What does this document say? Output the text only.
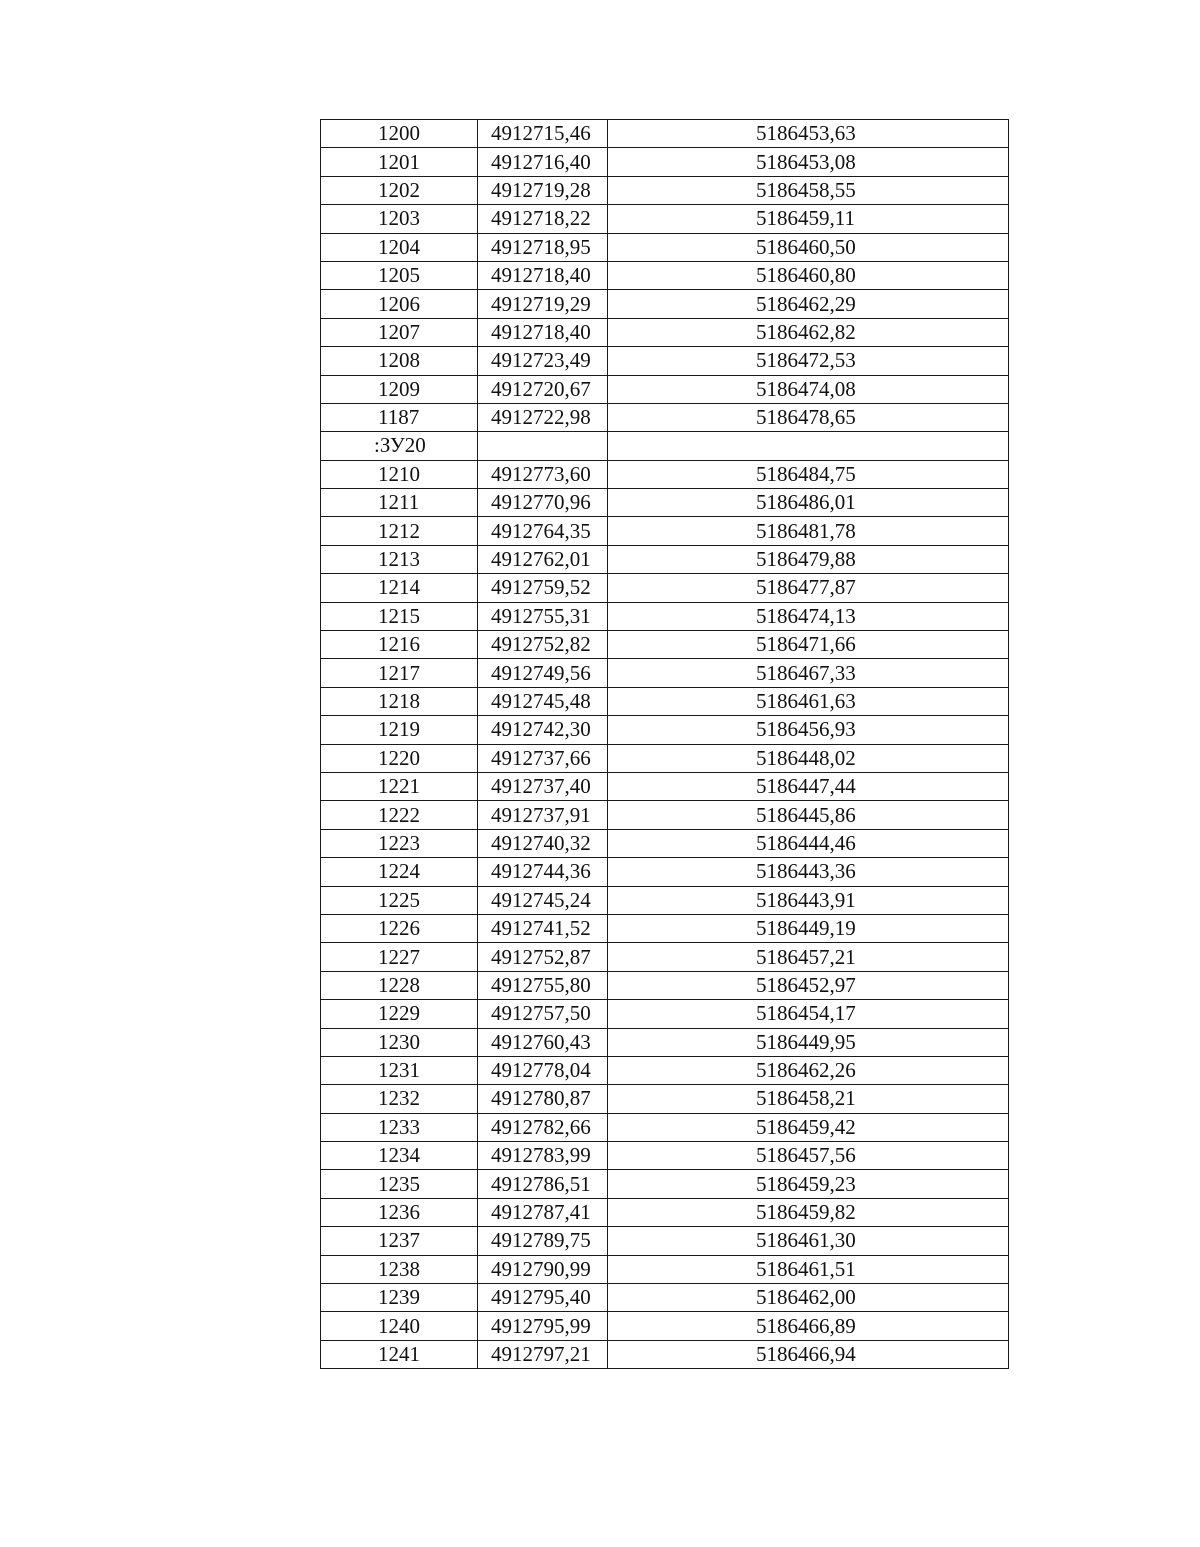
1200	4912715,46	5186453,63
1201	4912716,40	5186453,08
1202	4912719,28	5186458,55
1203	4912718,22	5186459,11
1204	4912718,95	5186460,50
1205	4912718,40	5186460,80
1206	4912719,29	5186462,29
1207	4912718,40	5186462,82
1208	4912723,49	5186472,53
1209	4912720,67	5186474,08
1187	4912722,98	5186478,65
:ЗУ20		
1210	4912773,60	5186484,75
1211	4912770,96	5186486,01
1212	4912764,35	5186481,78
1213	4912762,01	5186479,88
1214	4912759,52	5186477,87
1215	4912755,31	5186474,13
1216	4912752,82	5186471,66
1217	4912749,56	5186467,33
1218	4912745,48	5186461,63
1219	4912742,30	5186456,93
1220	4912737,66	5186448,02
1221	4912737,40	5186447,44
1222	4912737,91	5186445,86
1223	4912740,32	5186444,46
1224	4912744,36	5186443,36
1225	4912745,24	5186443,91
1226	4912741,52	5186449,19
1227	4912752,87	5186457,21
1228	4912755,80	5186452,97
1229	4912757,50	5186454,17
1230	4912760,43	5186449,95
1231	4912778,04	5186462,26
1232	4912780,87	5186458,21
1233	4912782,66	5186459,42
1234	4912783,99	5186457,56
1235	4912786,51	5186459,23
1236	4912787,41	5186459,82
1237	4912789,75	5186461,30
1238	4912790,99	5186461,51
1239	4912795,40	5186462,00
1240	4912795,99	5186466,89
1241	4912797,21	5186466,94
